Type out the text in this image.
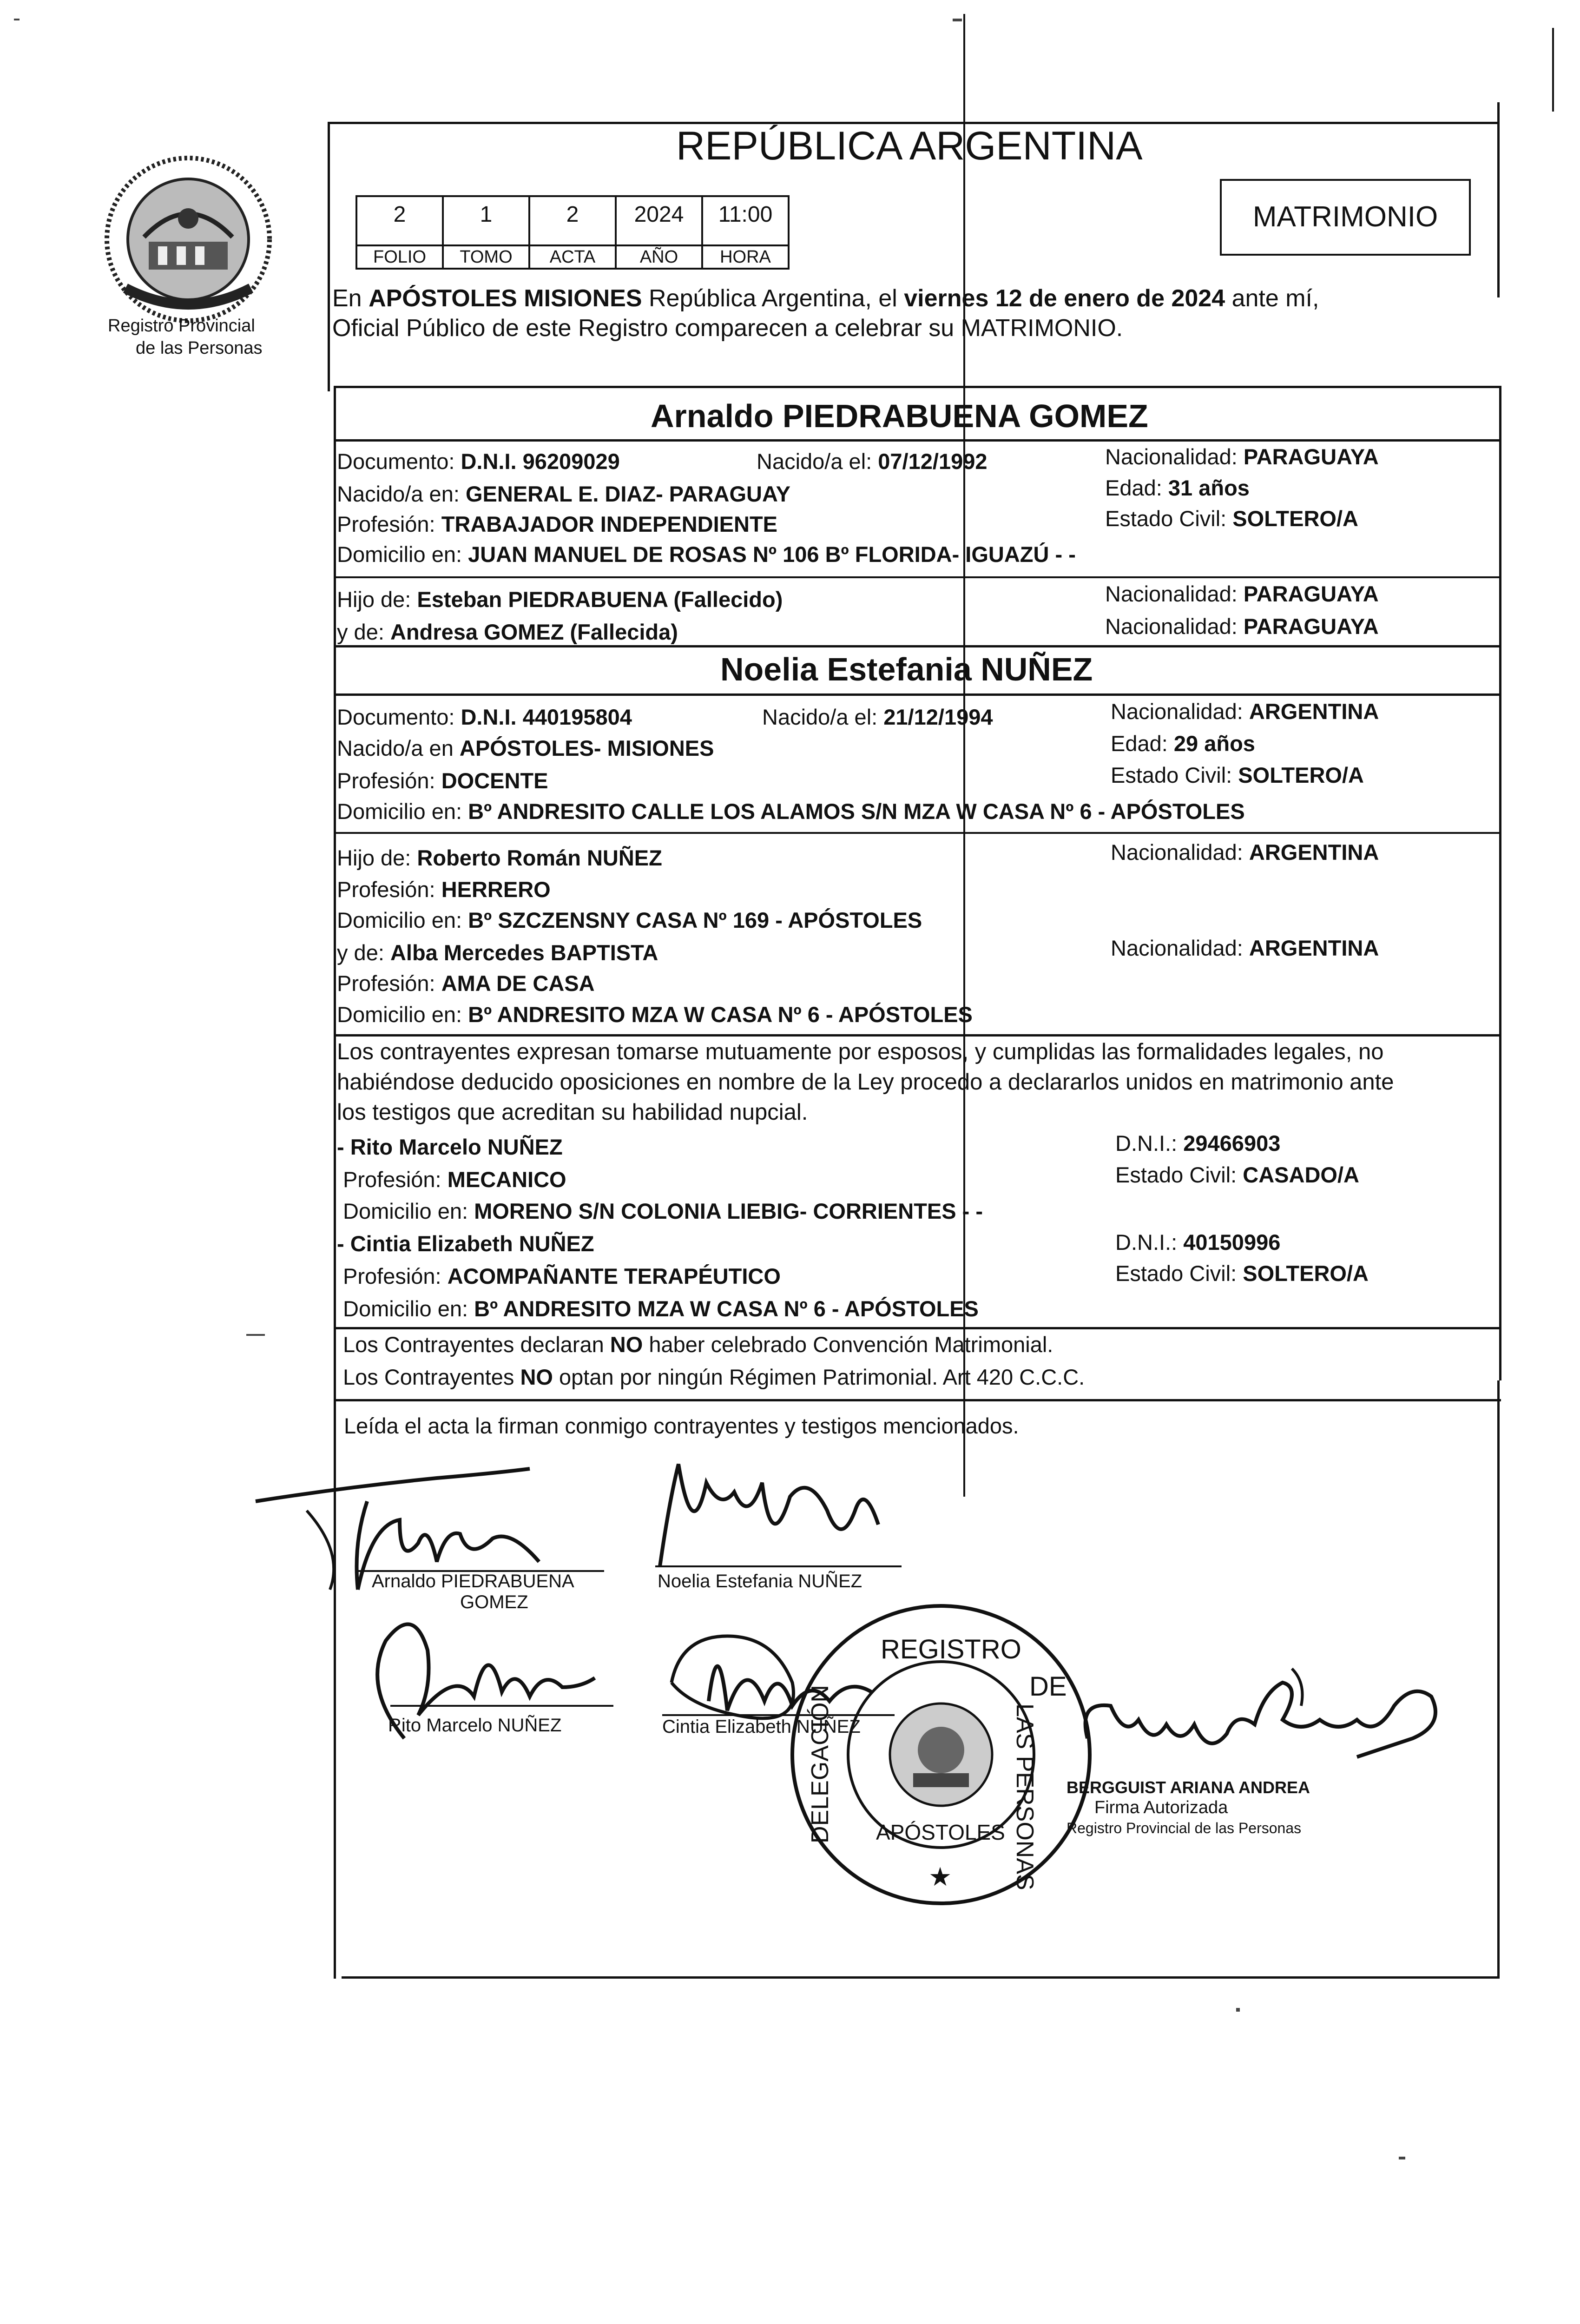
Registro Provincial
de las Personas
REPÚBLICA ARGENTINA
2	1	2	2024	11:00
FOLIO	TOMO	ACTA	AÑO	HORA
MATRIMONIO
En APÓSTOLES MISIONES República Argentina, el viernes 12 de enero de 2024 ante mí,
Oficial Público de este Registro comparecen a celebrar su MATRIMONIO.
Arnaldo PIEDRABUENA GOMEZ
Documento: D.N.I. 96209029	Nacido/a el: 07/12/1992	Nacionalidad: PARAGUAYA
Nacido/a en: GENERAL E. DIAZ- PARAGUAY	Edad: 31 años
Profesión: TRABAJADOR INDEPENDIENTE	Estado Civil: SOLTERO/A
Domicilio en: JUAN MANUEL DE ROSAS Nº 106 Bº FLORIDA- IGUAZÚ - -
Hijo de: Esteban PIEDRABUENA (Fallecido)	Nacionalidad: PARAGUAYA
y de: Andresa GOMEZ (Fallecida)	Nacionalidad: PARAGUAYA
Noelia Estefania NUÑEZ
Documento: D.N.I. 440195804	Nacido/a el: 21/12/1994	Nacionalidad: ARGENTINA
Nacido/a en APÓSTOLES- MISIONES	Edad: 29 años
Profesión: DOCENTE	Estado Civil: SOLTERO/A
Domicilio en: Bº ANDRESITO CALLE LOS ALAMOS S/N MZA W CASA Nº 6 - APÓSTOLES
Hijo de: Roberto Román NUÑEZ	Nacionalidad: ARGENTINA
Profesión: HERRERO
Domicilio en: Bº SZCZENSNY CASA Nº 169 - APÓSTOLES
y de: Alba Mercedes BAPTISTA	Nacionalidad: ARGENTINA
Profesión: AMA DE CASA
Domicilio en: Bº ANDRESITO MZA W CASA Nº 6 - APÓSTOLES
Los contrayentes expresan tomarse mutuamente por esposos, y cumplidas las formalidades legales, no
habiéndose deducido oposiciones en nombre de la Ley procedo a declararlos unidos en matrimonio ante
los testigos que acreditan su habilidad nupcial.
- Rito Marcelo NUÑEZ	D.N.I.: 29466903
Profesión: MECANICO	Estado Civil: CASADO/A
Domicilio en: MORENO S/N COLONIA LIEBIG- CORRIENTES - -
- Cintia Elizabeth NUÑEZ	D.N.I.: 40150996
Profesión: ACOMPAÑANTE TERAPÉUTICO	Estado Civil: SOLTERO/A
Domicilio en: Bº ANDRESITO MZA W CASA Nº 6 - APÓSTOLES
Los Contrayentes declaran NO haber celebrado Convención Matrimonial.
Los Contrayentes NO optan por ningún Régimen Patrimonial. Art 420 C.C.C.
Leída el acta la firman conmigo contrayentes y testigos mencionados.
Arnaldo PIEDRABUENA
GOMEZ
Noelia Estefania NUÑEZ
Rito Marcelo NUÑEZ	Cintia Elizabeth NUÑEZ
REGISTRO
DE
LAS PERSONAS
DELEGACIÓN APÓSTOLES
★
BERGGUIST ARIANA ANDREA
Firma Autorizada
Registro Provincial de las Personas
